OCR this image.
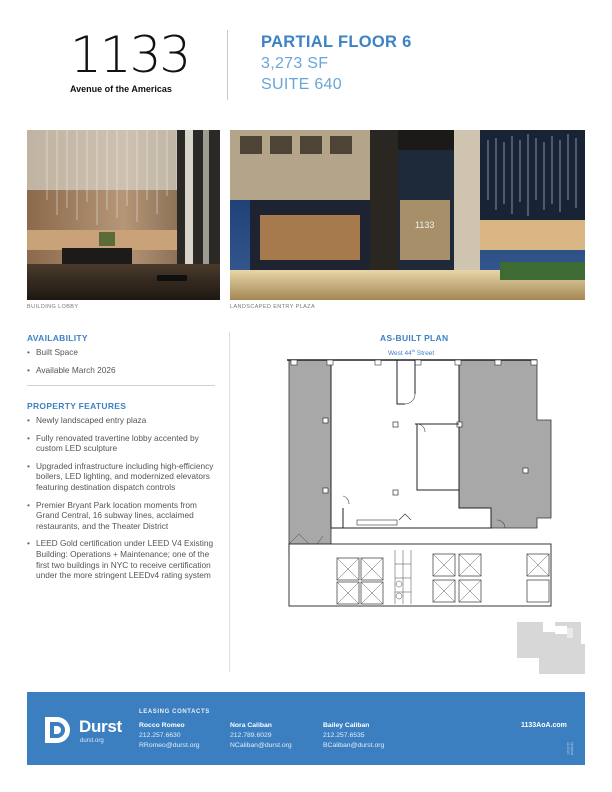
1133
Avenue of the Americas
PARTIAL FLOOR 6
3,273 SF
SUITE 640
BUILDING LOBBY
1133
LANDSCAPED ENTRY PLAZA
AVAILABILITY
• Built Space
• Available March 2026
PROPERTY FEATURES
• Newly landscaped entry plaza
• Fully renovated travertine lobby accented by custom LED sculpture
• Upgraded infrastructure including high-efficiency boilers, LED lighting, and modernized elevators featuring destination dispatch controls
• Premier Bryant Park location moments from Grand Central, 16 subway lines, acclaimed restaurants, and the Theater District
• LEED Gold certification under LEED V4 Existing Building: Operations + Maintenance; one of the first two buildings in NYC to receive certification under the more stringent LEEDv4 rating system
AS-BUILT PLAN
West 44th Street
Durst
durst.org
LEASING CONTACTS
Rocco Romeo
212.257.6630
RRomeo@durst.org
Nora Caliban
212.789.6029
NCaliban@durst.org
Bailey Caliban
212.257.6535
BCaliban@durst.org
1133AoA.com
Updated 11/2025
